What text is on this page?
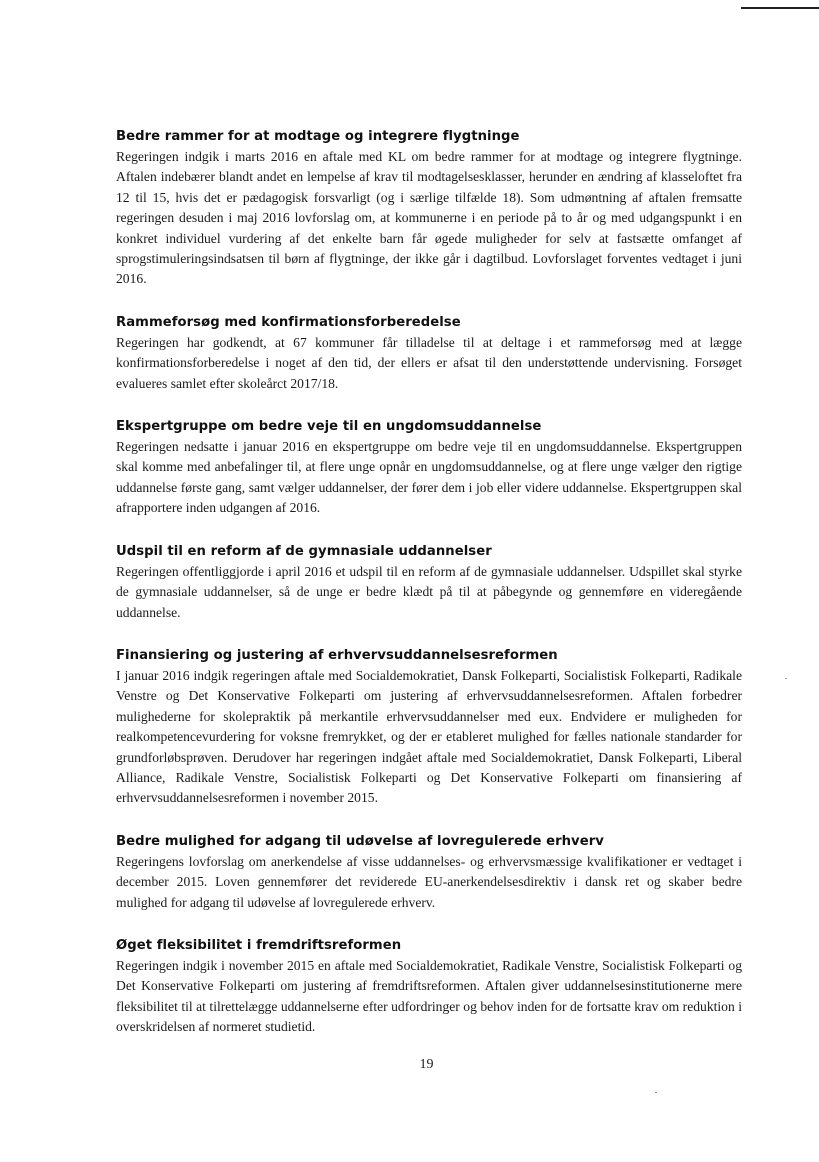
Bedre rammer for at modtage og integrere flygtninge

Regeringen indgik i marts 2016 en aftale med KL om bedre rammer for at modtage og integrere flygtninge. Aftalen indebærer blandt andet en lempelse af krav til modtagelsesklasser, herunder en ændring af klasseloftet fra 12 til 15, hvis det er pædagogisk forsvarligt (og i særlige tilfælde 18). Som udmøntning af aftalen fremsatte regeringen desuden i maj 2016 lovforslag om, at kommunerne i en periode på to år og med udgangspunkt i en konkret individuel vurdering af det enkelte barn får øgede muligheder for selv at fastsætte omfanget af sprogstimuleringsindsatsen til børn af flygtninge, der ikke går i dagtilbud. Lovforslaget forventes vedtaget i juni 2016.

Rammeforsøg med konfirmationsforberedelse

Regeringen har godkendt, at 67 kommuner får tilladelse til at deltage i et rammeforsøg med at lægge konfirmationsforberedelse i noget af den tid, der ellers er afsat til den understøttende undervisning. Forsøget evalueres samlet efter skoleårct 2017/18.

Ekspertgruppe om bedre veje til en ungdomsuddannelse

Regeringen nedsatte i januar 2016 en ekspertgruppe om bedre veje til en ungdomsuddannelse. Ekspertgruppen skal komme med anbefalinger til, at flere unge opnår en ungdomsuddannelse, og at flere unge vælger den rigtige uddannelse første gang, samt vælger uddannelser, der fører dem i job eller videre uddannelse. Ekspertgruppen skal afrapportere inden udgangen af 2016.

Udspil til en reform af de gymnasiale uddannelser

Regeringen offentliggjorde i april 2016 et udspil til en reform af de gymnasiale uddannelser. Udspillet skal styrke de gymnasiale uddannelser, så de unge er bedre klædt på til at påbegynde og gennemføre en videregående uddannelse.

Finansiering og justering af erhvervsuddannelsesreformen

I januar 2016 indgik regeringen aftale med Socialdemokratiet, Dansk Folkeparti, Socialistisk Folkeparti, Radikale Venstre og Det Konservative Folkeparti om justering af erhvervsuddannelsesreformen. Aftalen forbedrer mulighederne for skolepraktik på merkantile erhvervsuddannelser med eux. Endvidere er muligheden for realkompetencevurdering for voksne fremrykket, og der er etableret mulighed for fælles nationale standarder for grundforløbsprøven. Derudover har regeringen indgået aftale med Socialdemokratiet, Dansk Folkeparti, Liberal Alliance, Radikale Venstre, Socialistisk Folkeparti og Det Konservative Folkeparti om finansiering af erhvervsuddannelsesreformen i november 2015.

Bedre mulighed for adgang til udøvelse af lovregulerede erhverv

Regeringens lovforslag om anerkendelse af visse uddannelses- og erhvervsmæssige kvalifikationer er vedtaget i december 2015. Loven gennemfører det reviderede EU-anerkendelsesdirektiv i dansk ret og skaber bedre mulighed for adgang til udøvelse af lovregulerede erhverv.

Øget fleksibilitet i fremdriftsreformen

Regeringen indgik i november 2015 en aftale med Socialdemokratiet, Radikale Venstre, Socialistisk Folkeparti og Det Konservative Folkeparti om justering af fremdriftsreformen. Aftalen giver uddannelsesinstitutionerne mere fleksibilitet til at tilrettelægge uddannelserne efter udfordringer og behov inden for de fortsatte krav om reduktion i overskridelsen af normeret studietid.

19
